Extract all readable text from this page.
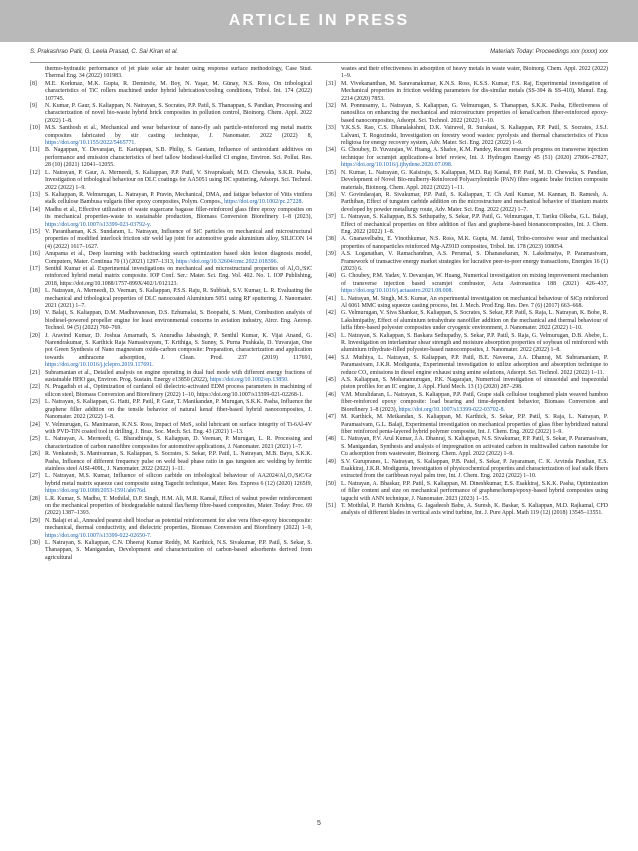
ARTICLE IN PRESS
S. Prakashrao Patil, G. Leela Prasad, C. Sai Kiran et al.	Materials Today: Proceedings xxx (xxxx) xxx
thermo-hydraulic performance of jet plate solar air heater using response surface methodology, Case Stud. Thermal Eng. 34 (2022) 101983.
[8]	M.E. Korkmaz, M.K. Gupta, R. Demirsöz, M. Boy, N. Yaşar, M. Günay, N.S. Ross, On tribological characteristics of TiC rollers machined under hybrid lubrication/cooling conditions, Tribol. Int. 174 (2022) 107745.
[9]	N. Kumar, P. Gaur, S. Kaliappan, N. Natrayan, S. Socrates, P.P. Patil, S. Thanappan, S. Pandian, Processing and characterization of novel bio-waste hybrid brick composites in pollution control, Bioinorg. Chem. Appl. 2022 (2022) 1–8.
[10] M.S. Santhosh et al., Mechanical and wear behaviour of nano-fly ash particle-reinforced mg metal matrix composites fabricated by stir casting technique, J. Nanomater. 2022 (2022) 8, https://doi.org/10.1155/2022/5465771.
[11] B. Nagappan, Y. Devarajan, E. Kariappan, S.B. Philip, S. Gautam, Influence of antioxidant additives on performance and emission characteristics of beef tallow biodiesel-fuelled CI engine, Environ. Sci. Pollut. Res. 28 (10) (2021) 12041–12055.
[12] L. Natrayan, P. Gaur, A. Merneedi, S. Kaliappan, P.P. Patil, V. Sivaprakash, M.D. Chewaka, S.K.R. Pasha, Investigation of tribological behaviour on DLC coatings for AA5051 using DC sputtering, Adsorpt. Sci. Technol. 2022 (2022) 1–9.
[13] S. Kaliappan, R. Velmurugan, L. Natrayan, P. Pravin, Mechanical, DMA, and fatigue behavior of Vitis vinifera stalk cellulose Bambusa vulgaris fiber epoxy composites, Polym. Compos., https://doi.org/10.1002/pc.27228.
[14] Madhu et al., Effective utilization of waste sugarcane bagasse filler-reinforced glass fibre epoxy composites on its mechanical properties-waste to sustainable production, Biomass Conversion Biorefinery 1–8 (2023), https://doi.org/10.1007/s13399-023-03792-y.
[15] V. Paranthaman, K.S. Sundaram, L. Natrayan, Influence of SiC particles on mechanical and microstructural properties of modified interlock friction stir weld lap joint for automotive grade aluminium alloy, SILICON 14 (4) (2022) 1617–1627.
[16] Anupama et al., Deep learning with backtracking search optimization based skin lesion diagnosis model, Computers, Mater. Continua 70 (1) (2021) 1297–1313, https://doi.org/10.32604/cmc.2022.018396.
[17] Senthil Kumar et al. Experimental investigations on mechanical and microstructural properties of Al₂O₃/SiC reinforced hybrid metal matrix composite. IOP Conf. Ser.: Mater. Sci. Eng. Vol. 402. No. 1. IOP Publishing, 2018, https://doi.org/10.1088/1757-899X/402/1/012123.
[18] L. Natrayan, A. Merneedi, D. Veeman, S. Kaliappan, P.S.S. Raju, R. Subbiah, S.V. Kumar, L. R. Evaluating the mechanical and tribological properties of DLC nanocoated Aluminium 5051 using RF sputtering, J. Nanomater. 2021 (2021) 1–7.
[19] V. Balaji, S. Kaliappan, D.M. Madhuvanesan, D.S. Ezhumalai, S. Boopathi, S. Mani, Combustion analysis of biodiesel-powered propeller engine for least environmental concerns in aviation industry, Aircr. Eng. Aerosp. Technol. 94 (5) (2022) 760–769.
[20] J. Aravind Kumar, D. Joshua Amarnath, S. Anuradha Jabasingh, P. Senthil Kumar, K. Vijai Anand, G. Narendrakumar, S. Karthick Raja Namasivayam, T. Krithiga, S. Sunny, S. Purna Pushkala, D. Yuvarajan, One pot Green Synthesis of Nano magnesium oxide-carbon composite: Preparation, characterization and application towards anthracene adsorption, J. Clean. Prod. 237 (2019) 117691, https://doi.org/10.1016/j.jclepro.2019.117691.
[21] Subramanian et al., Detailed analysis on engine operating in dual fuel mode with different energy fractions of sustainable HHO gas, Environ. Prog. Sustain. Energy e13850 (2022), https://doi.org/10.1002/ep.13850.
[22] N. Pragadish et al., Optimization of cardanol oil dielectric-activated EDM process parameters in machining of silicon steel, Biomass Conversion and Biorefinery (2022) 1–10, https://doi.org/10.1007/s13399-021-02268-1.
[23] L. Natrayan, S. Kaliappan, G. Hatti, P.P. Patil, P. Gaur, T. Manikandan, P. Murugan, S.K.K. Pasha, Influence the graphene filler addition on the tensile behavior of natural kenaf fiber-based hybrid nanocomposites, J. Nanomater. 2022 (2022) 1–8.
[24] V. Velmurugan, G. Manimaran, K.N.S. Ross, Impact of MoS₂ solid lubricant on surface integrity of Ti-6Al-4V with PVD-TiN coated tool in drilling, J. Braz. Soc. Mech. Sci. Eng. 43 (2021) 1–13.
[25] L. Natrayan, A. Merneedi, G. Bharathiraja, S. Kaliappan, D. Veeman, P. Murugan, L. R. Processing and characterization of carbon nanofibre composites for automotive applications, J. Nanomater. 2021 (2021) 1–7.
[26] R. Venkatesh, S. Manivannan, S. Kaliappan, S. Socrates, S. Sekar, P.P. Patil, L. Natrayan, M.B. Bayu, S.K.K. Pasha, Influence of different frequency pulse on weld bead phase ratio in gas tungsten arc welding by ferritic stainless steel AISI-409L, J. Nanomater. 2022 (2022) 1–11.
[27] L. Natrayan, M.S. Kumar, Influence of silicon carbide on tribological behaviour of AA2024/Al₂O₃/SiC/Gr hybrid metal matrix squeeze cast composite using Taguchi technique, Mater. Res. Express 6 (12) (2020) 1265f9, https://doi.org/10.1088/2053-1591/ab676d.
[28] L.R. Kumar, S. Madhu, T. Mothilal, D.P. Singh, H.M. Ali, M.R. Kamal, Effect of walnut powder reinforcement on the mechanical properties of biodegradable natural flax/hemp fibre-based composites, Mater. Today: Proc. 69 (2022) 1387–1393.
[29] N. Balaji et al., Annealed peanut shell biochar as potential reinforcement for aloe vera fiber-epoxy biocomposite: mechanical, thermal conductivity, and dielectric properties, Biomass Conversion and Biorefinery (2022) 1–9, https://doi.org/10.1007/s13399-022-02650-7.
[30] L. Natrayan, S. Kaliappan, C.N. Dheeraj Kumar Reddy, M. Karthick, N.S. Sivakumar, P.P. Patil, S. Sekar, S. Thanappan, S. Manigandan, Development and characterization of carbon-based adsorbents derived from agricultural
wastes and their effectiveness in adsorption of heavy metals in waste water, Bioinorg. Chem. Appl. 2022 (2022) 1–9.
[31] M. Vivekananthan, M. Saravanakumar, K.N.S. Ross, K.S.S. Kumar, F.S. Raj, Experimental investigation of Mechanical properties in friction welding parameters for dis-similar metals (SS-304 & SS-410), Manuf. Eng. 2214 (2020) 7853.
[32] M. Ponnusamy, L. Natrayan, S. Kaliappan, G. Velmurugan, S. Thanappan, S.K.K. Pasha, Effectiveness of nanosilica on enhancing the mechanical and microstructure properties of kenaf/carbon fiber-reinforced epoxy-based nanocomposites, Adsorpt. Sci. Technol. 2022 (2022) 1–10.
[33] Y.K.S.S. Rao, C.S. Dhanalakshmi, D.K. Vairavel, R. Surakasi, S. Kaliappan, P.P. Patil, S. Socrates, J.S.J. Lalvani, T. Rogozinski, Investigation on forestry wood wastes: pyrolysis and thermal characteristics of Ficus religiosa for energy recovery system, Adv. Mater. Sci. Eng. 2022 (2022) 1–9.
[34] G. Choubey, D. Yuvarajan, W. Huang, A. Shafee, K.M. Pandey, Recent research progress on transverse injection technique for scramjet applications-a brief review, Int. J. Hydrogen Energy 45 (51) (2020) 27806–27827, https://doi.org/10.1016/j.ijhydene.2020.07.098.
[35] N. Kumar, L. Natrayan, G. Kaisiraju, S. Kaliappan, M.D. Raj Kamal, P.P. Patil, M. D. Chewaka, S. Pandian, Development of Novel Bio-mulberry-Reinforced Polyacrylonitrile (PAN) fibre organic brake friction composite materials, Bioinorg. Chem. Appl. 2022 (2022) 1–11.
[36] V. Govindarajan, R. Sivakumar, P.P. Patil, S. Kaliappan, T. Ch Anil Kumar, M. Kannan, B. Ramesh, A. Parthiban, Effect of tungsten carbide addition on the microstructure and mechanical behavior of titanium matrix developed by powder metallurgy route, Adv. Mater. Sci. Eng. 2022 (2022) 1–7.
[37] L. Natrayan, S. Kaliappan, B.S. Sethupathy, S. Sekar, P.P. Patil, G. Velmurugan, T. Tariku Olkeba, G.L. Balaji, Effect of mechanical properties on fibre addition of flax and graphene-based bionanocomposites, Int. J. Chem. Eng. 2022 (2022) 1–8.
[38] A. Gnanavelbabu, E. Vinothkumar, N.S. Ross, M.K. Gupta, M. Jamil, Tribo-corrosive wear and mechanical properties of nanoparticles reinforced Mg-AZ91D composites, Tribol. Int. 178 (2023) 108054.
[39] A.S. Loganathan, V. Ramachandran, A.S. Perumal, S. Dhanasekaran, N. Lakshmaiya, P. Paramasivam, Framework of transactive energy market strategies for lucrative peer-to-peer energy transactions, Energies 16 (1) (2023) 6.
[40] G. Choubey, P.M. Yadav, Y. Devarajan, W. Huang, Numerical investigation on mixing improvement mechanism of transverse injection based scramjet combustor, Acta Astronautica 188 (2021) 426–437, https://doi.org/10.1016/j.actaastro.2021.08.008.
[41] L. Natrayan, M. Singh, M.S. Kumar, An experimental investigation on mechanical behaviour of SiCp reinforced Al 6061 MMC using squeeze casting process, Int. J. Mech. Prod Eng. Res. Dev. 7 (6) (2017) 663–668.
[42] G. Velmurugan, V. Siva Shankar, S. Kaliappan, S. Socrates, S. Sekar, P.P. Patil, S. Raja, L. Natrayan, K. Bobe, R. Lakshmipathy, Effect of aluminium tetrahydrate nanofiller addition on the mechanical and thermal behaviour of luffa fibre-based polyester composites under cryogenic environment, J. Nanomater. 2022 (2022) 1–10.
[43] L. Natrayan, S. Kaliappan, S. Baskara Sethupathy, S. Sekar, P.P. Patil, S. Raja, G. Velmurugan, D.B. Abebe, L. R. Investigation on interlaminar shear strength and moisture absorption properties of soybean oil reinforced with aluminium trihydrate-filled polyester-based nanocomposites, J. Nanomater. 2022 (2022) 1–8.
[44] S.J. Muthiya, L. Natrayan, S. Kaliappan, P.P. Patil, B.E. Naveena, J.A. Dhanraj, M. Subramaniam, P. Paramasivam, J.K.R. Modigunta, Experimental investigation to utilize adsorption and absorption technique to reduce CO₂ emissions in diesel engine exhaust using amine solutions, Adsorpt. Sci. Technol. 2022 (2022) 1–11.
[45] A.S. Kaliappan, S. Mohanamurugan, P.K. Nagarajan, Numerical investigation of sinusoidal and trapezoidal piston profiles for an IC engine, J. Appl. Fluid Mech. 13 (1) (2020) 287–298.
[46] V.M. Muralidaran, L. Natrayan, S. Kaliappan, P.P. Patil, Grape stalk cellulose toughened plain weaved bamboo fiber-reinforced epoxy composite: load bearing and time-dependent behavior, Biomass Conversion and Biorefinery 1–8 (2023), https://doi.org/10.1007/s13399-022-03702-8.
[47] M. Karthick, M. Meikandan, S. Kaliappan, M. Karthick, S. Sekar, P.P. Patil, S. Raja, L. Natrayan, P. Paramasivam, G.L. Balaji, Experimental investigation on mechanical properties of glass fiber hybridized natural fiber reinforced penta-layered hybrid polymer composite, Int. J. Chem. Eng. 2022 (2022) 1–9.
[48] L. Natrayan, P.V. Arul Kumar, J.A. Dhanraj, S. Kaliappan, N.S. Sivakumar, P.P. Patil, S. Sekar, P. Paramasivam, S. Manigandan, Synthesis and analysis of impregnation on activated carbon in multiwalled carbon nanotube for Cu adsorption from wastewater, Bioinorg. Chem. Appl. 2022 (2022) 1–9.
[49] S.V. Gurupranes, L. Natrayan, S. Kaliappan, P.B. Patel, S. Sekar, P. Jayaraman, C. K. Arvinda Pandian, E.S. Esakkiraj, J.K.R. Modigunta, Investigation of physicochemical properties and characterization of leaf stalk fibers extracted from the caribbean royal palm tree, Int. J. Chem. Eng. 2022 (2022) 1–10.
[50] L. Natrayan, A. Bhaskar, P.P. Patil, S. Kaliappan, M. Dineshkumar, E.S. Esakkiraj, S.K.K. Pasha, Optimization of filler content and size on mechanical performance of graphene/hemp/epoxy-based hybrid composites using taguchi with ANN technique, J. Nanomater. 2023 (2023) 1–15.
[51] T. Mothilal, P. Harish Krishna, G. Jagadeesh Babu, A. Suresh, K. Baskar, S. Kaliappan, M.D. Rajkamal, CFD analysis of different blades in vertical axis wind turbine, Int. J. Pure Appl. Math 119 (12) (2018) 13545–13551.
5
